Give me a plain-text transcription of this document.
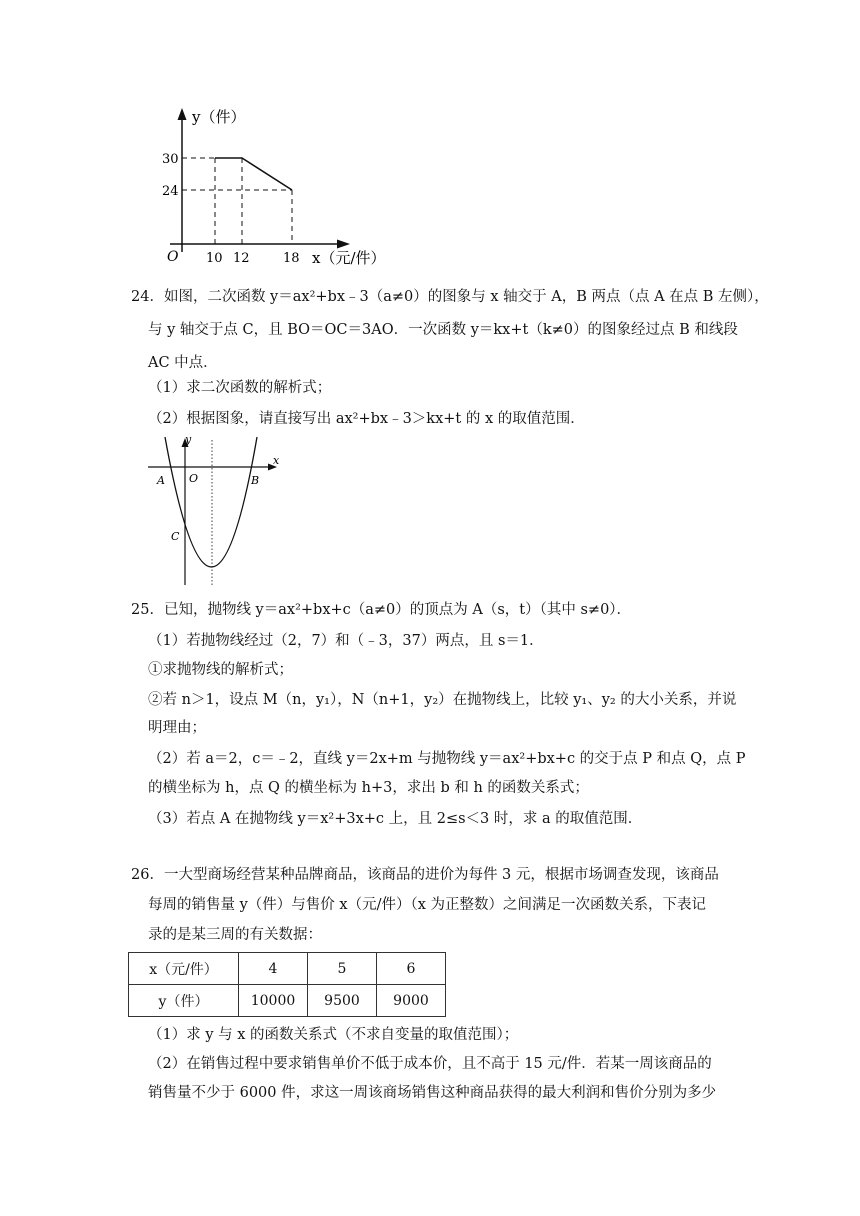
y（件）
30
24
O 10 12	18 x（元/件）
24．如图，二次函数 y＝ax²+bx﹣3（a≠0）的图象与 x 轴交于 A，B 两点（点 A 在点 B 左侧），
与 y 轴交于点 C，且 BO＝OC＝3AO．一次函数 y＝kx+t（k≠0）的图象经过点 B 和线段
AC 中点．
（1）求二次函数的解析式；
（2）根据图象，请直接写出 ax²+bx﹣3＞kx+t 的 x 的取值范围．
y
x
O
A	B
C
25．已知，抛物线 y＝ax²+bx+c（a≠0）的顶点为 A（s，t）（其中 s≠0）．
（1）若抛物线经过（2，7）和（﹣3，37）两点，且 s＝1．
①求抛物线的解析式；
②若 n＞1，设点 M（n，y₁），N（n+1，y₂）在抛物线上，比较 y₁、y₂ 的大小关系，并说
明理由；
（2）若 a＝2，c＝﹣2，直线 y＝2x+m 与抛物线 y＝ax²+bx+c 的交于点 P 和点 Q，点 P
的横坐标为 h，点 Q 的横坐标为 h+3，求出 b 和 h 的函数关系式；
（3）若点 A 在抛物线 y＝x²+3x+c 上，且 2≤s＜3 时，求 a 的取值范围．
26．一大型商场经营某种品牌商品，该商品的进价为每件 3 元，根据市场调查发现，该商品
每周的销售量 y（件）与售价 x（元/件）（x 为正整数）之间满足一次函数关系，下表记
录的是某三周的有关数据：
x（元/件）	4	5	6
y（件）	10000	9500	9000
（1）求 y 与 x 的函数关系式（不求自变量的取值范围）；
（2）在销售过程中要求销售单价不低于成本价，且不高于 15 元/件．若某一周该商品的
销售量不少于 6000 件，求这一周该商场销售这种商品获得的最大利润和售价分别为多少
